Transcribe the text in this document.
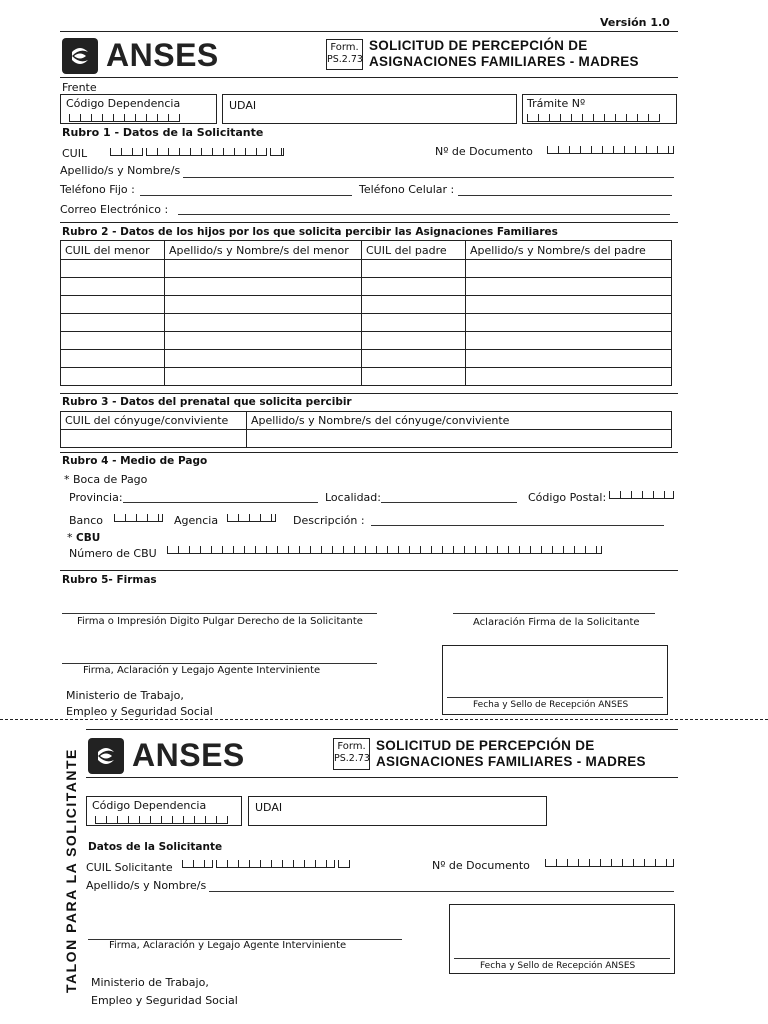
Versión 1.0
ANSES	Form.
PS.2.73
SOLICITUD DE PERCEPCIÓN DE
ASIGNACIONES FAMILIARES - MADRES
Frente
Código Dependencia	UDAI	Trámite Nº
Rubro 1 - Datos de la Solicitante
CUIL	Nº de Documento
Apellido/s y Nombre/s
Teléfono Fijo :	Teléfono Celular :
Correo Electrónico :
Rubro 2 - Datos de los hijos por los que solicita percibir las Asignaciones Familiares
CUIL del menor	Apellido/s y Nombre/s del menor	CUIL del padre	Apellido/s y Nombre/s del padre

Rubro 3 - Datos del prenatal que solicita percibir
CUIL del cónyuge/conviviente	Apellido/s y Nombre/s del cónyuge/conviviente

Rubro 4 - Medio de Pago
* Boca de Pago
Provincia:	Localidad:	Código Postal:
Banco	Agencia	Descripción :
* CBU
Número de CBU
Rubro 5- Firmas
Firma o Impresión Digito Pulgar Derecho de la Solicitante	Aclaración Firma de la Solicitante
Firma, Aclaración y Legajo Agente Interviniente
Ministerio de Trabajo,
Empleo y Seguridad Social	Fecha y Sello de Recepción ANSES
TALON PARA LA SOLICITANTE ANSES	Form.
PS.2.73
SOLICITUD DE PERCEPCIÓN DE
ASIGNACIONES FAMILIARES - MADRES
Código Dependencia	UDAI
Datos de la Solicitante
CUIL Solicitante	Nº de Documento
Apellido/s y Nombre/s
Firma, Aclaración y Legajo Agente Interviniente
Ministerio de Trabajo,
Empleo y Seguridad Social
Fecha y Sello de Recepción ANSES
